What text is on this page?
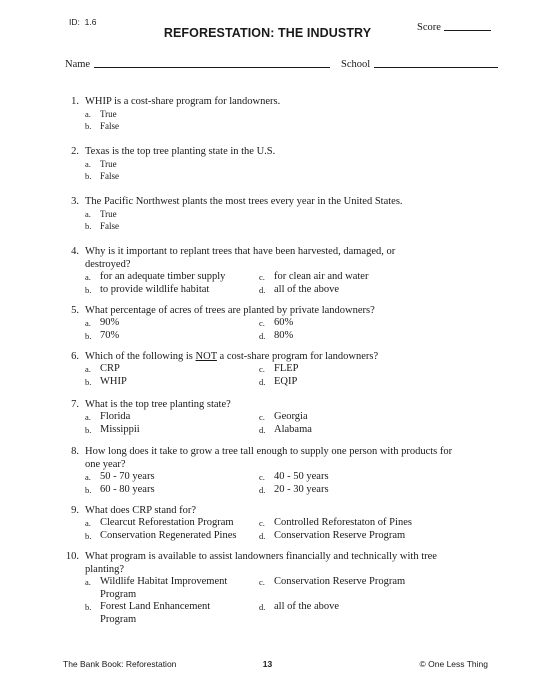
ID: 1.6
REFORESTATION: THE INDUSTRY	Score
Name	School
1. WHIP is a cost-share program for landowners.
a.	True
b. False
2. Texas is the top tree planting state in the U.S.
a.	True
b. False
3. The Pacific Northwest plants the most trees every year in the United States.
a.	True
b. False
4. Why is it important to replant trees that have been harvested, damaged, or
destroyed?
a. for an adequate timber supply	c. for clean air and water
b. to provide wildlife habitat	d. all of the above
5. What percentage of acres of trees are planted by private landowners?
a. 90%	c. 60%
b. 70%	d. 80%
6. Which of the following is NOT a cost-share program for landowners?
a. CRP	c. FLEP
b. WHIP	d. EQIP
7. What is the top tree planting state?
a. Florida	c. Georgia
b. Missippii	d. Alabama
8. How long does it take to grow a tree tall enough to supply one person with products for
one year?
a. 50 - 70 years	c. 40 - 50 years
b. 60 - 80 years	d. 20 - 30 years
9. What does CRP stand for?
a. Clearcut Reforestation Program	c. Controlled Reforestaton of Pines
b. Conservation Regenerated Pines	d. Conservation Reserve Program
10. What program is available to assist landowners financially and technically with tree
planting?
a. Wildlife Habitat Improvement
Program
c. Conservation Reserve Program
b. Forest Land Enhancement
Program
d. all of the above
The Bank Book: Reforestation	13	© One Less Thing
